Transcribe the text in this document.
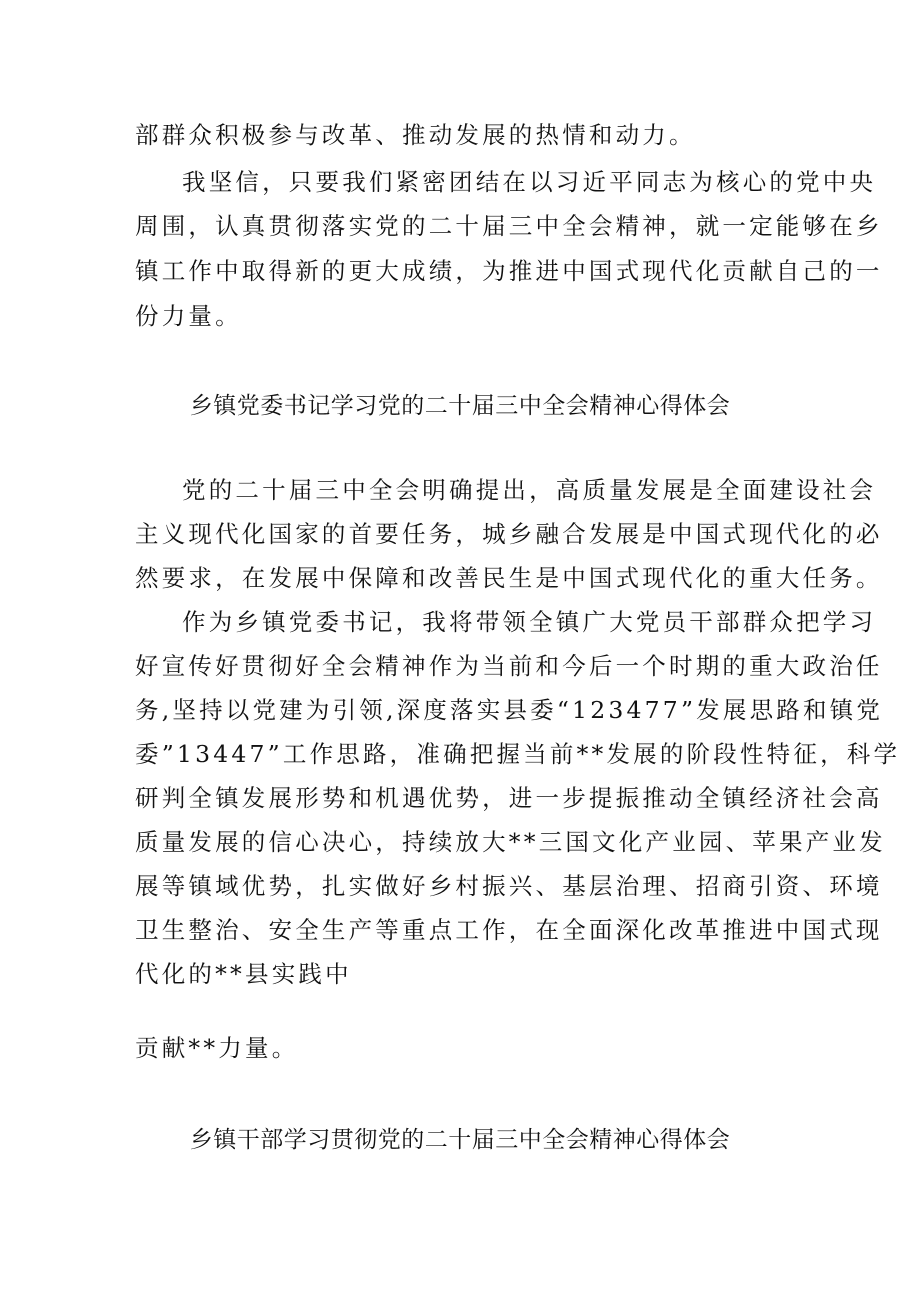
部群众积极参与改革、推动发展的热情和动力。
我坚信，只要我们紧密团结在以习近平同志为核心的党中央
周围，认真贯彻落实党的二十届三中全会精神，就一定能够在乡
镇工作中取得新的更大成绩，为推进中国式现代化贡献自己的一
份力量。
乡镇党委书记学习党的二十届三中全会精神心得体会
党的二十届三中全会明确提出，高质量发展是全面建设社会
主义现代化国家的首要任务，城乡融合发展是中国式现代化的必
然要求，在发展中保障和改善民生是中国式现代化的重大任务。
作为乡镇党委书记，我将带领全镇广大党员干部群众把学习
好宣传好贯彻好全会精神作为当前和今后一个时期的重大政治任
务,坚持以党建为引领,深度落实县委“123477”发展思路和镇党
委”13447”工作思路，准确把握当前**发展的阶段性特征，科学
研判全镇发展形势和机遇优势，进一步提振推动全镇经济社会高
质量发展的信心决心，持续放大**三国文化产业园、苹果产业发
展等镇域优势，扎实做好乡村振兴、基层治理、招商引资、环境
卫生整治、安全生产等重点工作，在全面深化改革推进中国式现
代化的**县实践中
贡献**力量。
乡镇干部学习贯彻党的二十届三中全会精神心得体会
